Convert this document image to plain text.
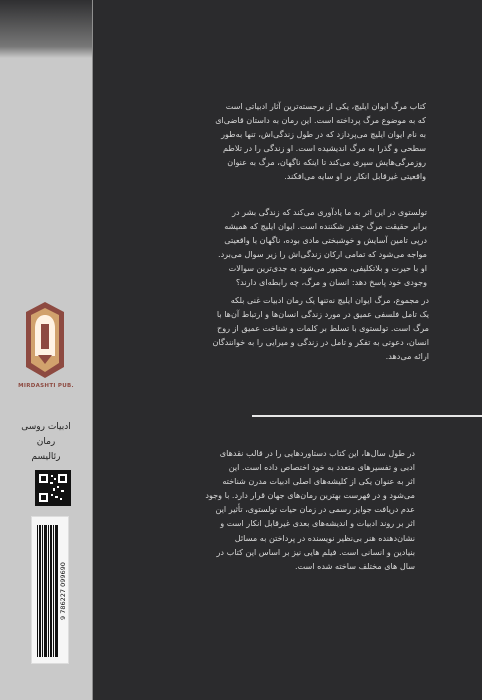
MIRDASHTI PUB.
ادبیات روسی
رمان
رئالیسم
9 786227 099690

کتاب مرگ ایوان ایلیچ، یکی از برجسته‌ترین آثار ادبیاتی است

که به موضوع مرگ پرداخته است. این رمان به داستان قاضی‌ای

به نام ایوان ایلیچ می‌پردازد که در طول زندگی‌اش، تنها به‌طور

سطحی و گذرا به مرگ اندیشیده است. او زندگی را در تلاطم

روزمرگی‌هایش سپری می‌کند تا اینکه ناگهان، مرگ به عنوان

واقعیتی غیرقابل انکار بر او سایه می‌افکند.

تولستوی در این اثر به ما یادآوری می‌کند که زندگی بشر در

برابر حقیقت مرگ چقدر شکننده است. ایوان ایلیچ که همیشه

درپی تامین آسایش و خوشبختی مادی بوده، ناگهان با واقعیتی

مواجه می‌شود که تمامی ارکان زندگی‌اش را زیر سوال می‌برد.

او با حیرت و بلاتکلیفی، مجبور می‌شود به جدی‌ترین سوالات

وجودی خود پاسخ دهد: انسان و مرگ، چه رابطه‌ای دارند؟

در مجموع، مرگ ایوان ایلیچ نه‌تنها یک رمان ادبیات غنی بلکه

یک تامل فلسفی عمیق در مورد زندگی انسان‌ها و ارتباط آن‌ها با

مرگ است. تولستوی با تسلط بر کلمات و شناخت عمیق از روح

انسان، دعوتی به تفکر و تامل در زندگی و میرایی را به خوانندگان

ارائه می‌دهد.

در طول سال‌ها، این کتاب دستاوردهایی را در قالب نقدهای

ادبی و تفسیرهای متعدد به خود اختصاص داده است. این

اثر به عنوان یکی از کلیشه‌های اصلی ادبیات مدرن شناخته

می‌شود و در فهرست بهترین رمان‌های جهان قرار دارد. با وجود

عدم دریافت جوایز رسمی در زمان حیات تولستوی، تأثیر این

اثر بر روند ادبیات و اندیشه‌های بعدی غیرقابل انکار است و

نشان‌دهنده هنر بی‌نظیر نویسنده در پرداختن به مسائل

بنیادین و انسانی است. فیلم هایی نیز بر اساس این کتاب در

سال های مختلف ساخته شده است.
